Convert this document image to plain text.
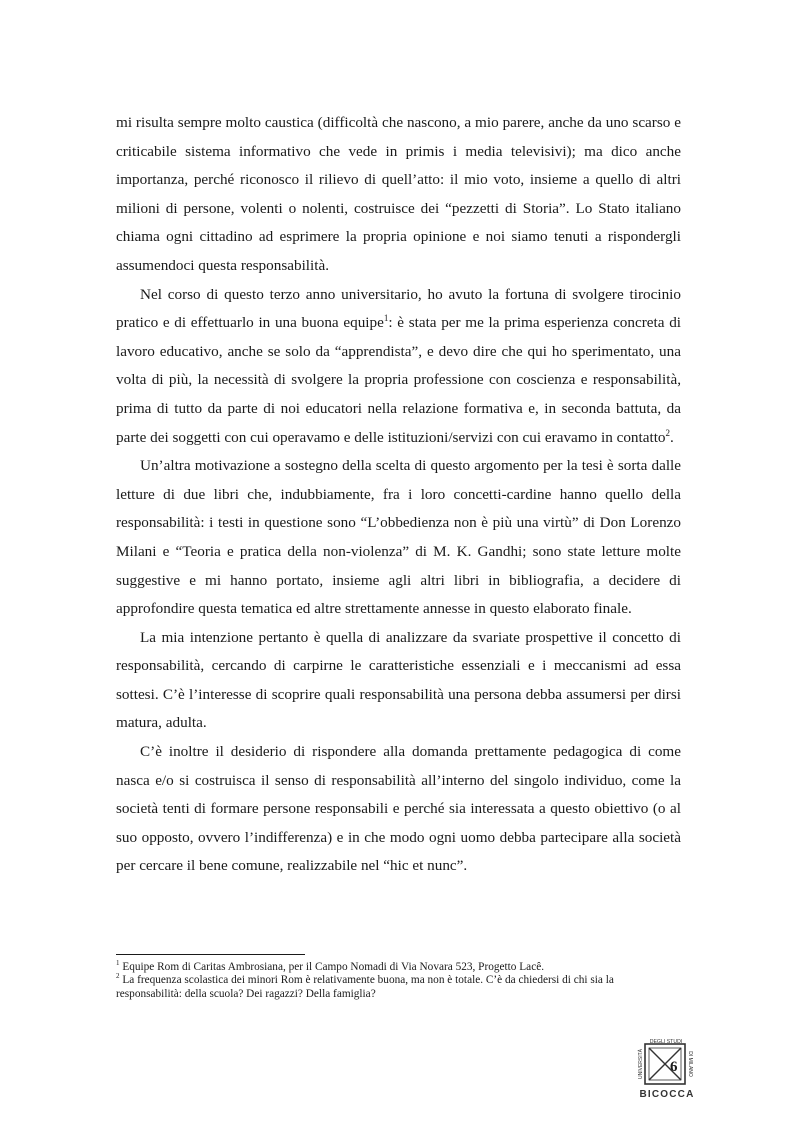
mi risulta sempre molto caustica (difficoltà che nascono, a mio parere, anche da uno scarso e criticabile sistema informativo che vede in primis i media televisivi); ma dico anche importanza, perché riconosco il rilievo di quell’atto: il mio voto, insieme a quello di altri milioni di persone, volenti o nolenti, costruisce dei “pezzetti di Storia”. Lo Stato italiano chiama ogni cittadino ad esprimere la propria opinione e noi siamo tenuti a rispondergli assumendoci questa responsabilità.

Nel corso di questo terzo anno universitario, ho avuto la fortuna di svolgere tirocinio pratico e di effettuarlo in una buona equipe$^1$: è stata per me la prima esperienza concreta di lavoro educativo, anche se solo da “apprendista”, e devo dire che qui ho sperimentato, una volta di più, la necessità di svolgere la propria professione con coscienza e responsabilità, prima di tutto da parte di noi educatori nella relazione formativa e, in seconda battuta, da parte dei soggetti con cui operavamo e delle istituzioni/servizi con cui eravamo in contatto$^2$.

Un’altra motivazione a sostegno della scelta di questo argomento per la tesi è sorta dalle letture di due libri che, indubbiamente, fra i loro concetti-cardine hanno quello della responsabilità: i testi in questione sono “L’obbedienza non è più una virtù” di Don Lorenzo Milani e “Teoria e pratica della non-violenza” di M. K. Gandhi; sono state letture molte suggestive e mi hanno portato, insieme agli altri libri in bibliografia, a decidere di approfondire questa tematica ed altre strettamente annesse in questo elaborato finale.

La mia intenzione pertanto è quella di analizzare da svariate prospettive il concetto di responsabilità, cercando di carpirne le caratteristiche essenziali e i meccanismi ad essa sottesi. C’è l’interesse di scoprire quali responsabilità una persona debba assumersi per dirsi matura, adulta.

C’è inoltre il desiderio di rispondere alla domanda prettamente pedagogica di come nasca e/o si costruisca il senso di responsabilità all’interno del singolo individuo, come la società tenti di formare persone responsabili e perché sia interessata a questo obiettivo (o al suo opposto, ovvero l’indifferenza) e in che modo ogni uomo debba partecipare alla società per cercare il bene comune, realizzabile nel “hic et nunc”.

$^1$ Equipe Rom di Caritas Ambrosiana, per il Campo Nomadi di Via Novara 523, Progetto Lacê.

$^2$ La frequenza scolastica dei minori Rom è relativamente buona, ma non è totale. C’è da chiedersi di chi sia la responsabilità: della scuola? Dei ragazzi? Della famiglia?

DEGLI STUDI
UNIVERSITÀ	DI MILANO
BICOCCA
6
